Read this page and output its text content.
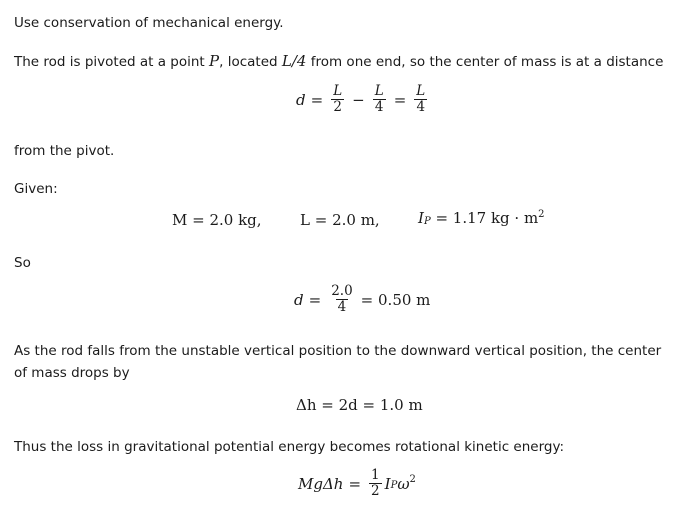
Use conservation of mechanical energy.
The rod is pivoted at a point P, located L/4 from one end, so the center of mass is at a distance
$d = \frac{L}{2} - \frac{L}{4} = \frac{L}{4}$
from the pivot.
Given:
M = 2.0 kg,	L = 2.0 m,	$I_P = 1.17$ kg · $m^2$
So
$d = \frac{2.0}{4} = 0.50$ m
As the rod falls from the unstable vertical position to the downward vertical position, the center of mass drops by
Δh = 2d = 1.0 m
Thus the loss in gravitational potential energy becomes rotational kinetic energy:
$Mg\Delta h = \frac{1}{2}$ I P $\omega^2$
